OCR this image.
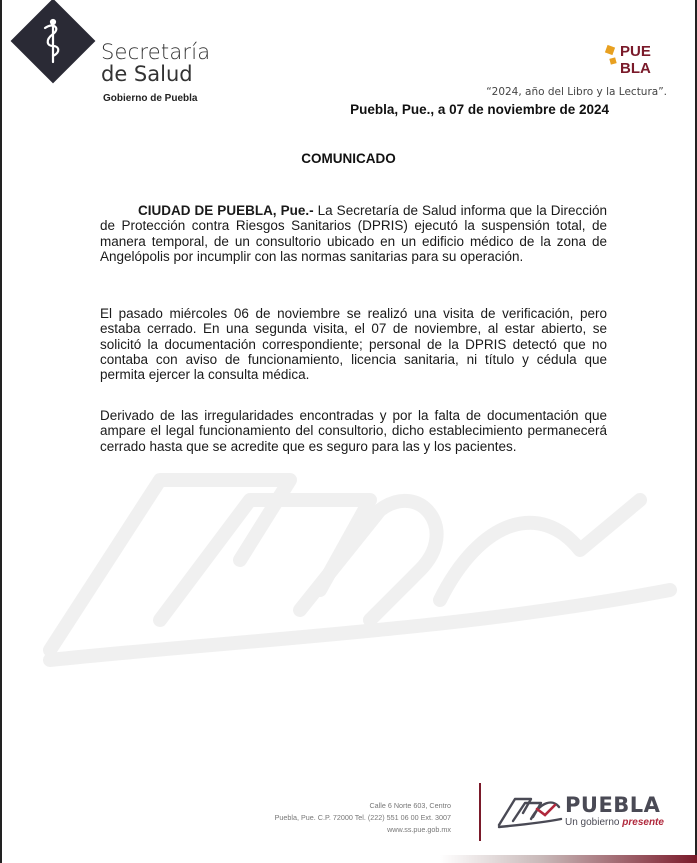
Secretaría
de Salud
Gobierno de Puebla
PUE
BLA
“2024, año del Libro y la Lectura”.
Puebla, Pue., a 07 de noviembre de 2024
COMUNICADO
CIUDAD DE PUEBLA, Pue.- La Secretaría de Salud informa que la Dirección de Protección contra Riesgos Sanitarios (DPRIS) ejecutó la suspensión total, de manera temporal, de un consultorio ubicado en un edificio médico de la zona de Angelópolis por incumplir con las normas sanitarias para su operación.
El pasado miércoles 06 de noviembre se realizó una visita de verificación, pero estaba cerrado. En una segunda visita, el 07 de noviembre, al estar abierto, se solicitó la documentación correspondiente; personal de la DPRIS detectó que no contaba con aviso de funcionamiento, licencia sanitaria, ni título y cédula que permita ejercer la consulta médica.
Derivado de las irregularidades encontradas y por la falta de documentación que ampare el legal funcionamiento del consultorio, dicho establecimiento permanecerá cerrado hasta que se acredite que es seguro para las y los pacientes.
Calle 6 Norte 603, Centro
Puebla, Pue. C.P. 72000 Tel. (222) 551 06 00 Ext. 3007
www.ss.pue.gob.mx
PUEBLA
Un gobierno presente
